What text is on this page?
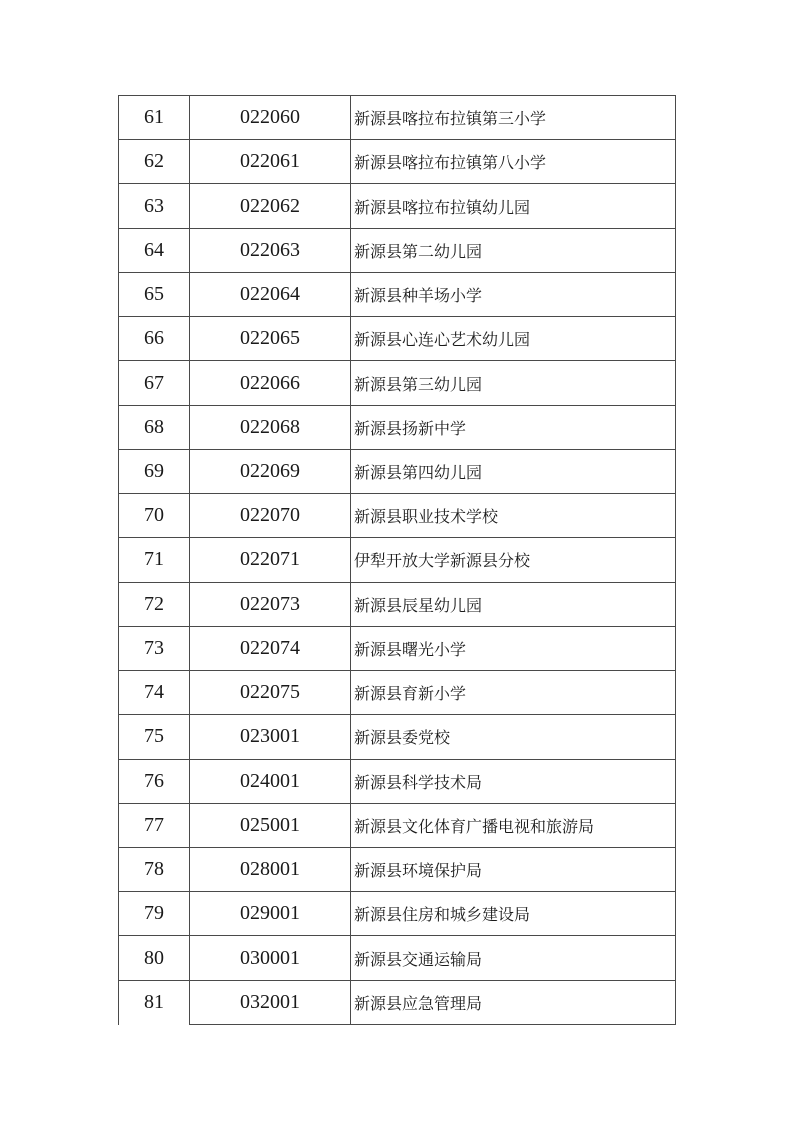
61	022060	新源县喀拉布拉镇第三小学
62	022061	新源县喀拉布拉镇第八小学
63	022062	新源县喀拉布拉镇幼儿园
64	022063	新源县第二幼儿园
65	022064	新源县种羊场小学
66	022065	新源县心连心艺术幼儿园
67	022066	新源县第三幼儿园
68	022068	新源县扬新中学
69	022069	新源县第四幼儿园
70	022070	新源县职业技术学校
71	022071	伊犁开放大学新源县分校
72	022073	新源县辰星幼儿园
73	022074	新源县曙光小学
74	022075	新源县育新小学
75	023001	新源县委党校
76	024001	新源县科学技术局
77	025001	新源县文化体育广播电视和旅游局
78	028001	新源县环境保护局
79	029001	新源县住房和城乡建设局
80	030001	新源县交通运输局
81	032001	新源县应急管理局
